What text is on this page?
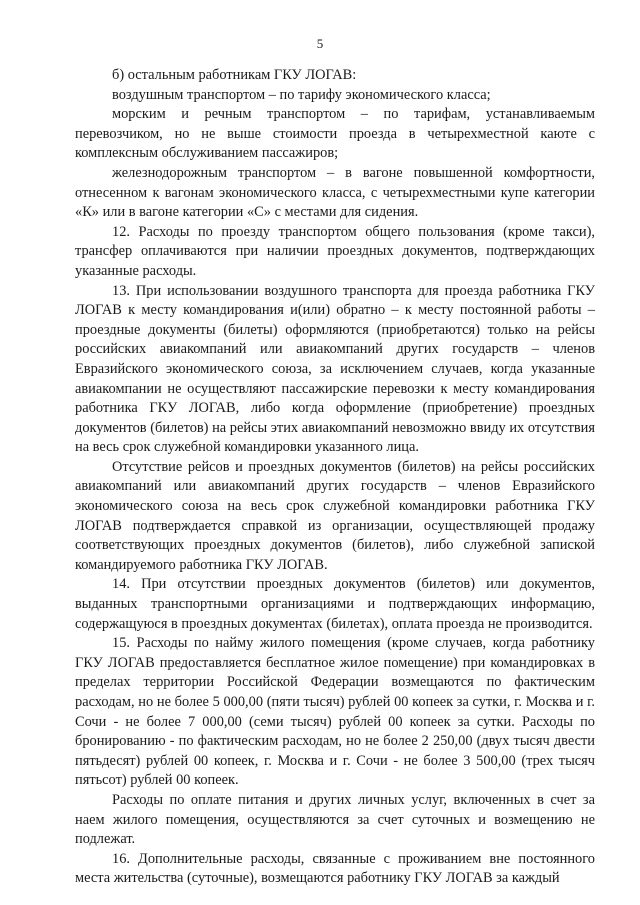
5

б) остальным работникам ГКУ ЛОГАВ:

воздушным транспортом – по тарифу экономического класса;

морским и речным транспортом – по тарифам, устанавливаемым перевозчиком, но не выше стоимости проезда в четырехместной каюте с комплексным обслуживанием пассажиров;

железнодорожным транспортом – в вагоне повышенной комфортности, отнесенном к вагонам экономического класса, с четырехместными купе категории «К» или в вагоне категории «С» с местами для сидения.

12. Расходы по проезду транспортом общего пользования (кроме такси), трансфер оплачиваются при наличии проездных документов, подтверждающих указанные расходы.

13. При использовании воздушного транспорта для проезда работника ГКУ ЛОГАВ к месту командирования и(или) обратно – к месту постоянной работы – проездные документы (билеты) оформляются (приобретаются) только на рейсы российских авиакомпаний или авиакомпаний других государств – членов Евразийского экономического союза, за исключением случаев, когда указанные авиакомпании не осуществляют пассажирские перевозки к месту командирования работника ГКУ ЛОГАВ, либо когда оформление (приобретение) проездных документов (билетов) на рейсы этих авиакомпаний невозможно ввиду их отсутствия на весь срок служебной командировки указанного лица.

Отсутствие рейсов и проездных документов (билетов) на рейсы российских авиакомпаний или авиакомпаний других государств – членов Евразийского экономического союза на весь срок служебной командировки работника ГКУ ЛОГАВ подтверждается справкой из организации, осуществляющей продажу соответствующих проездных документов (билетов), либо служебной запиской командируемого работника ГКУ ЛОГАВ.

14. При отсутствии проездных документов (билетов) или документов, выданных транспортными организациями и подтверждающих информацию, содержащуюся в проездных документах (билетах), оплата проезда не производится.

15. Расходы по найму жилого помещения (кроме случаев, когда работнику ГКУ ЛОГАВ предоставляется бесплатное жилое помещение) при командировках в пределах территории Российской Федерации возмещаются по фактическим расходам, но не более 5 000,00 (пяти тысяч) рублей 00 копеек за сутки, г. Москва и г. Сочи - не более 7 000,00 (семи тысяч) рублей 00 копеек за сутки. Расходы по бронированию - по фактическим расходам, но не более 2 250,00 (двух тысяч двести пятьдесят) рублей 00 копеек, г. Москва и г. Сочи - не более 3 500,00 (трех тысяч пятьсот) рублей 00 копеек.

Расходы по оплате питания и других личных услуг, включенных в счет за наем жилого помещения, осуществляются за счет суточных и возмещению не подлежат.

16. Дополнительные расходы, связанные с проживанием вне постоянного места жительства (суточные), возмещаются работнику ГКУ ЛОГАВ за каждый
